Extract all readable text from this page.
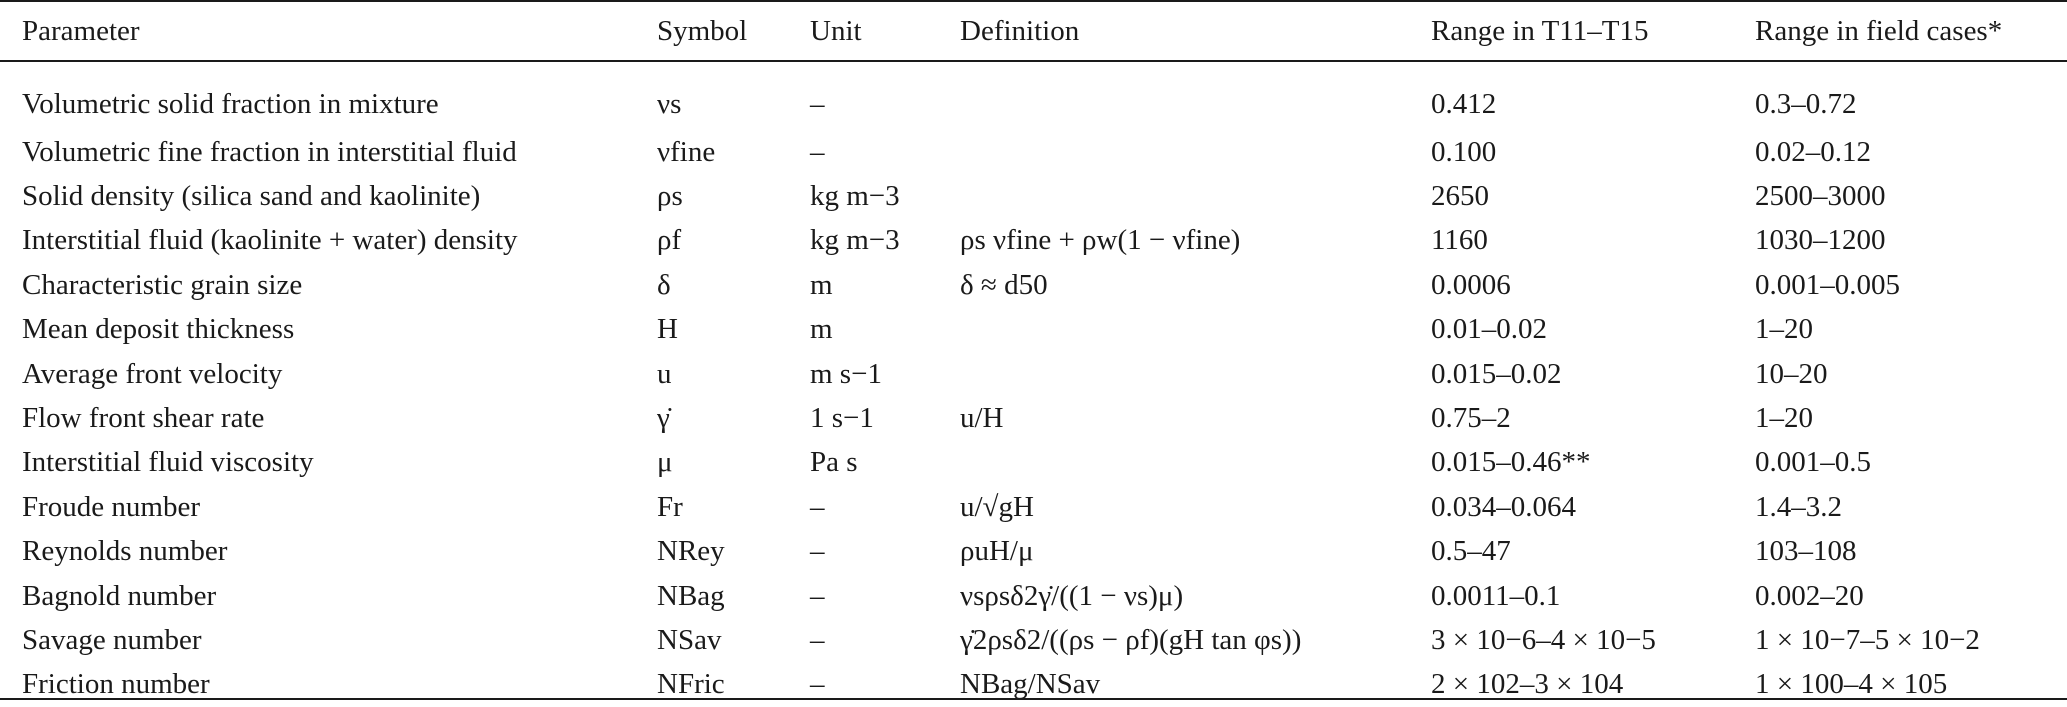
Parameter	Symbol	Unit	Definition	Range in T11–T15	Range in field cases*
Volumetric solid fraction in mixture	νs	–		0.412	0.3–0.72
Volumetric fine fraction in interstitial fluid	νfine	–		0.100	0.02–0.12
Solid density (silica sand and kaolinite)	ρs	kg m−3		2650	2500–3000
Interstitial fluid (kaolinite + water) density	ρf	kg m−3	ρs νfine + ρw(1 − νfine)	1160	1030–1200
Characteristic grain size	δ	m	δ ≈ d50	0.0006	0.001–0.005
Mean deposit thickness	H	m		0.01–0.02	1–20
Average front velocity	u	m s−1		0.015–0.02	10–20
Flow front shear rate	γ̇	1 s−1	u/H	0.75–2	1–20
Interstitial fluid viscosity	μ	Pa s		0.015–0.46**	0.001–0.5
Froude number	Fr	–	u/√gH	0.034–0.064	1.4–3.2
Reynolds number	NRey	–	ρuH/μ	0.5–47	103–108
Bagnold number	NBag	–	νsρsδ2γ̇/((1 − νs)μ)	0.0011–0.1	0.002–20
Savage number	NSav	–	γ̇2ρsδ2/((ρs − ρf)(gH tan φs))	3 × 10−6–4 × 10−5	1 × 10−7–5 × 10−2
Friction number	NFric	–	NBag/NSav	2 × 102–3 × 104	1 × 100–4 × 105
